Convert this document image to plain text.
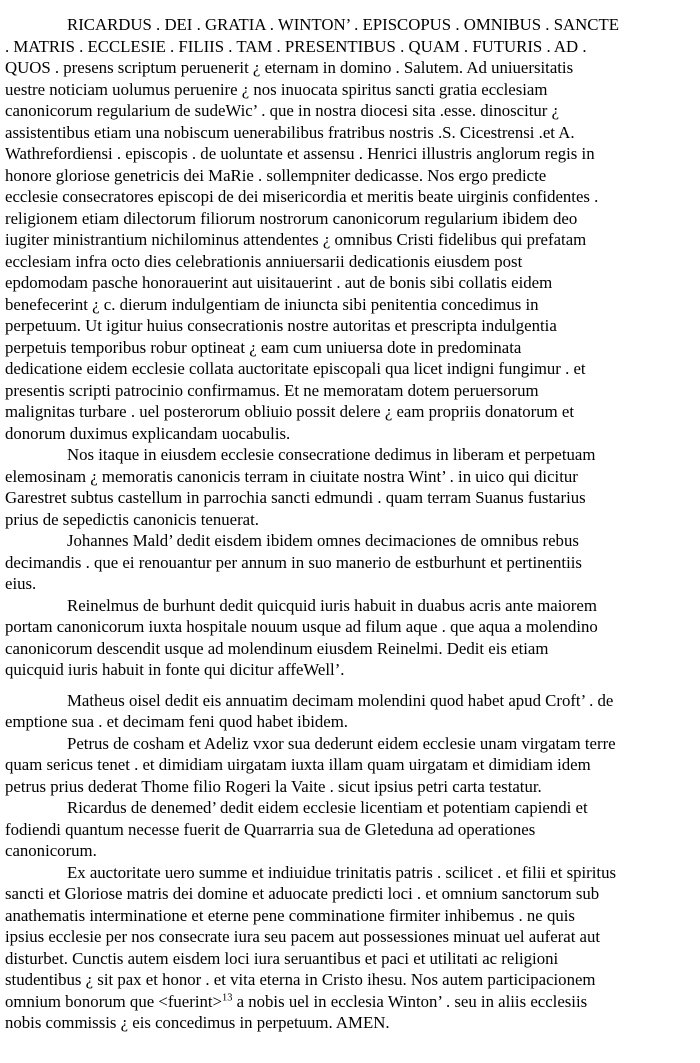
RICARDUS . DEI . GRATIA . WINTON’ . EPISCOPUS . OMNIBUS . SANCTE
. MATRIS . ECCLESIE . FILIIS . TAM . PRESENTIBUS . QUAM . FUTURIS . AD .
QUOS . presens scriptum peruenerit ¿ eternam in domino . Salutem. Ad uniuersitatis
uestre noticiam uolumus peruenire ¿ nos inuocata spiritus sancti gratia ecclesiam
canonicorum regularium de sudeWic’ . que in nostra diocesi sita .esse. dinoscitur ¿
assistentibus etiam una nobiscum uenerabilibus fratribus nostris .S. Cicestrensi .et A.
Wathrefordiensi . episcopis . de uoluntate et assensu . Henrici illustris anglorum regis in
honore gloriose genetricis dei MaRie . sollempniter dedicasse. Nos ergo predicte
ecclesie consecratores episcopi de dei misericordia et meritis beate uirginis confidentes .
religionem etiam dilectorum filiorum nostrorum canonicorum regularium ibidem deo
iugiter ministrantium nichilominus attendentes ¿ omnibus Cristi fidelibus qui prefatam
ecclesiam infra octo dies celebrationis anniuersarii dedicationis eiusdem post
epdomodam pasche honorauerint aut uisitauerint . aut de bonis sibi collatis eidem
benefecerint ¿ c. dierum indulgentiam de iniuncta sibi penitentia concedimus in
perpetuum. Ut igitur huius consecrationis nostre autoritas et prescripta indulgentia
perpetuis temporibus robur optineat ¿ eam cum uniuersa dote in predominata
dedicatione eidem ecclesie collata auctoritate episcopali qua licet indigni fungimur . et
presentis scripti patrocinio confirmamus. Et ne memoratam dotem peruersorum
malignitas turbare . uel posterorum obliuio possit delere ¿ eam propriis donatorum et
donorum duximus explicandam uocabulis.
Nos itaque in eiusdem ecclesie consecratione dedimus in liberam et perpetuam
elemosinam ¿ memoratis canonicis terram in ciuitate nostra Wint’ . in uico qui dicitur
Garestret subtus castellum in parrochia sancti edmundi . quam terram Suanus fustarius
prius de sepedictis canonicis tenuerat.
Johannes Mald’ dedit eisdem ibidem omnes decimaciones de omnibus rebus
decimandis . que ei renouantur per annum in suo manerio de estburhunt et pertinentiis
eius.
Reinelmus de burhunt dedit quicquid iuris habuit in duabus acris ante maiorem
portam canonicorum iuxta hospitale nouum usque ad filum aque . que aqua a molendino
canonicorum descendit usque ad molendinum eiusdem Reinelmi. Dedit eis etiam
quicquid iuris habuit in fonte qui dicitur affeWell’.
Matheus oisel dedit eis annuatim decimam molendini quod habet apud Croft’ . de
emptione sua . et decimam feni quod habet ibidem.
Petrus de cosham et Adeliz vxor sua dederunt eidem ecclesie unam virgatam terre
quam sericus tenet . et dimidiam uirgatam iuxta illam quam uirgatam et dimidiam idem
petrus prius dederat Thome filio Rogeri la Vaite . sicut ipsius petri carta testatur.
Ricardus de denemed’ dedit eidem ecclesie licentiam et potentiam capiendi et
fodiendi quantum necesse fuerit de Quarrarria sua de Gleteduna ad operationes
canonicorum.
Ex auctoritate uero summe et indiuidue trinitatis patris . scilicet . et filii et spiritus
sancti et Gloriose matris dei domine et aduocate predicti loci . et omnium sanctorum sub
anathematis interminatione et eterne pene comminatione firmiter inhibemus . ne quis
ipsius ecclesie per nos consecrate iura seu pacem aut possessiones minuat uel auferat aut
disturbet. Cunctis autem eisdem loci iura seruantibus et paci et utilitati ac religioni
studentibus ¿ sit pax et honor . et vita eterna in Cristo ihesu. Nos autem participacionem
omnium bonorum que <fuerint>$^{13}$ a nobis uel in ecclesia Winton’ . seu in aliis ecclesiis
nobis commissis ¿ eis concedimus in perpetuum. AMEN.
